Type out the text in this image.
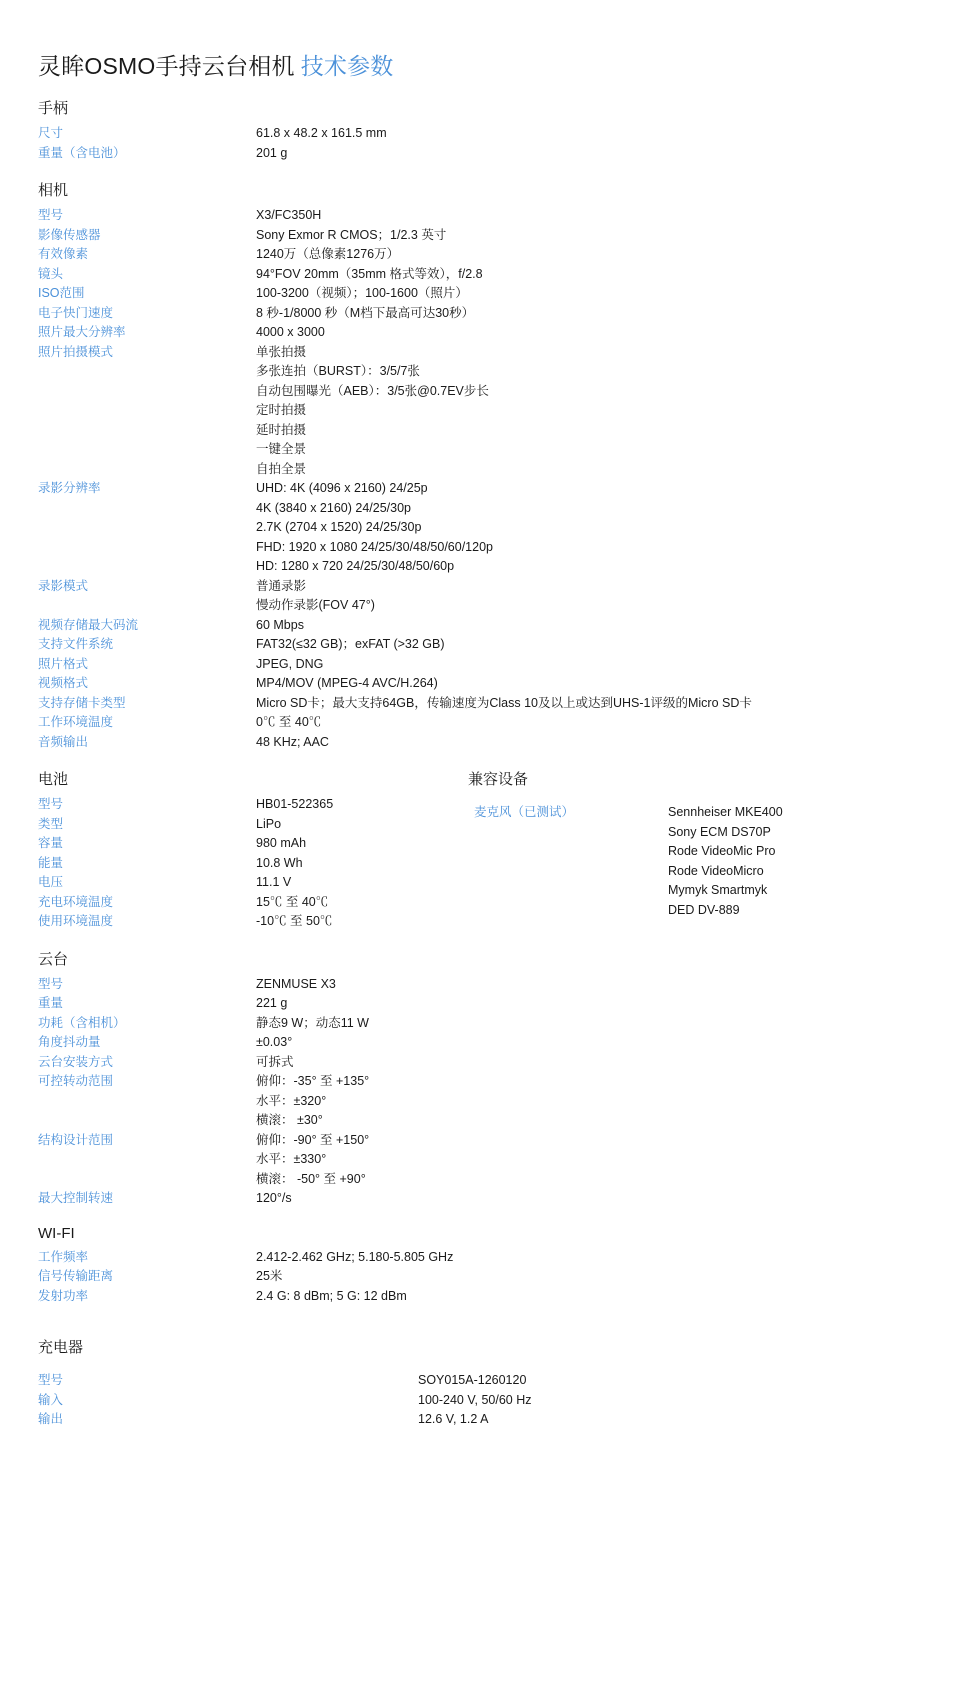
灵眸OSMO手持云台相机 技术参数
手柄
尺寸	61.8 x 48.2 x 161.5 mm

重量（含电池）	201 g
相机
型号	X3/FC350H

影像传感器	Sony Exmor R CMOS；1/2.3 英寸

有效像素	1240万（总像素1276万）

镜头	94°FOV 20mm（35mm 格式等效），f/2.8

ISO范围	100-3200（视频）；100-1600（照片）

电子快门速度	8 秒-1/8000 秒（M档下最高可达30秒）

照片最大分辨率	4000 x 3000

照片拍摄模式	单张拍摄
多张连拍（BURST）：3/5/7张
自动包围曝光（AEB）：3/5张@0.7EV步长
定时拍摄
延时拍摄
一键全景
自拍全景

录影分辨率	UHD: 4K (4096 x 2160) 24/25p
4K (3840 x 2160) 24/25/30p
2.7K (2704 x 1520) 24/25/30p
FHD: 1920 x 1080 24/25/30/48/50/60/120p
HD: 1280 x 720 24/25/30/48/50/60p

录影模式	普通录影
慢动作录影(FOV 47°)

视频存储最大码流	60 Mbps

支持文件系统	FAT32(≤32 GB)；exFAT (>32 GB)

照片格式	JPEG, DNG

视频格式	MP4/MOV (MPEG-4 AVC/H.264)

支持存储卡类型	Micro SD卡；最大支持64GB，传输速度为Class 10及以上或达到UHS-1评级的Micro SD卡

工作环境温度	0℃ 至 40℃

音频输出	48 KHz; AAC
电池
型号	HB01-522365
类型	LiPo
容量	980 mAh
能量	10.8 Wh
电压	11.1 V
充电环境温度	15℃ 至 40℃
使用环境温度	-10℃ 至 50℃
兼容设备

麦克风（已测试）	Sennheiser MKE400
Sony ECM DS70P
Rode VideoMic Pro
Rode VideoMicro
Mymyk Smartmyk
DED DV-889
云台
型号	ZENMUSE X3
重量	221 g
功耗（含相机）	静态9 W；动态11 W
角度抖动量	±0.03°
云台安装方式	可拆式
可控转动范围	俯仰：-35° 至 +135°
水平：±320°
横滚： ±30°

结构设计范围	俯仰：-90° 至 +150°
水平：±330°
横滚： -50° 至 +90°

最大控制转速	120°/s
WI-FI
工作频率	2.412-2.462 GHz; 5.180-5.805 GHz
信号传输距离	25米
发射功率	2.4 G: 8 dBm; 5 G: 12 dBm
充电器

型号	SOY015A-1260120
输入	100-240 V, 50/60 Hz
输出	12.6 V, 1.2 A
